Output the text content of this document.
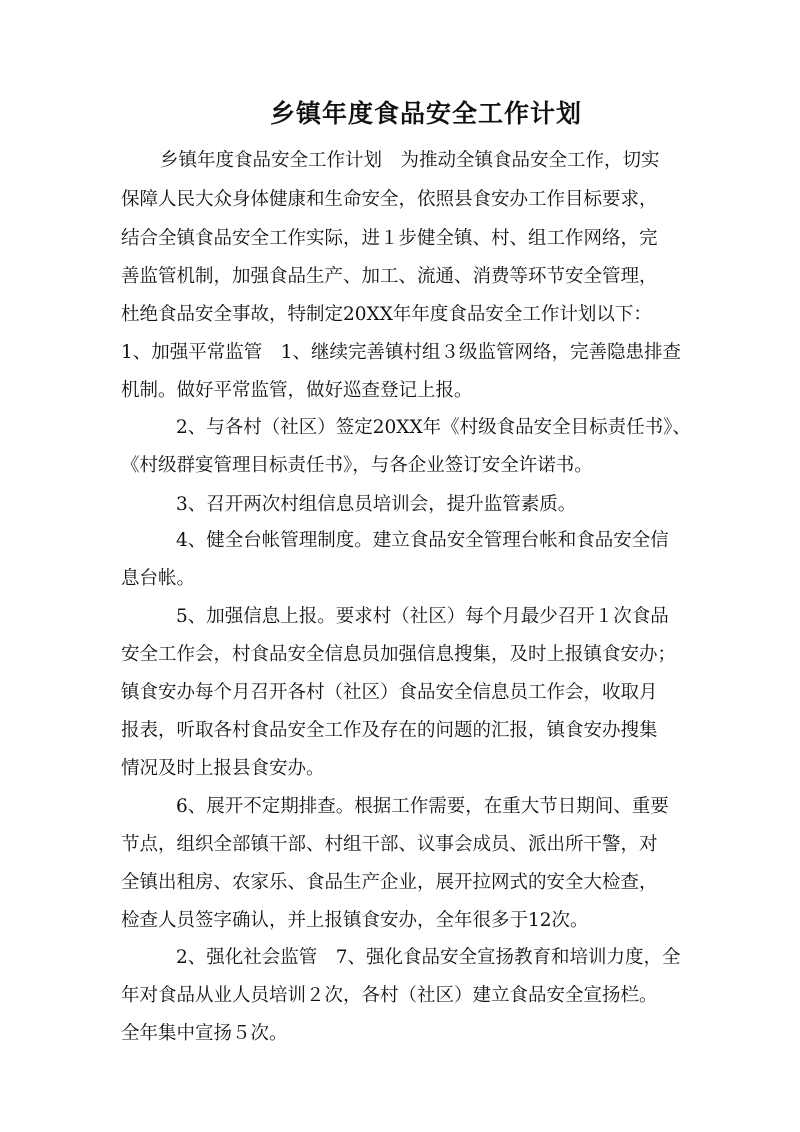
乡镇年度食品安全工作计划
乡镇年度食品安全工作计划　为推动全镇食品安全工作，切实
保障人民大众身体健康和生命安全，依照县食安办工作目标要求，
结合全镇食品安全工作实际，进１步健全镇、村、组工作网络，完
善监管机制，加强食品生产、加工、流通、消费等环节安全管理，
杜绝食品安全事故，特制定20XX年年度食品安全工作计划以下：
1、加强平常监管　1、继续完善镇村组３级监管网络，完善隐患排查
机制。做好平常监管，做好巡查登记上报。
2、与各村（社区）签定20XX年《村级食品安全目标责任书》、
《村级群宴管理目标责任书》，与各企业签订安全许诺书。
3、召开两次村组信息员培训会，提升监管素质。
4、健全台帐管理制度。建立食品安全管理台帐和食品安全信
息台帐。
5、加强信息上报。要求村（社区）每个月最少召开１次食品
安全工作会，村食品安全信息员加强信息搜集，及时上报镇食安办；
镇食安办每个月召开各村（社区）食品安全信息员工作会，收取月
报表，听取各村食品安全工作及存在的问题的汇报，镇食安办搜集
情况及时上报县食安办。
6、展开不定期排查。根据工作需要，在重大节日期间、重要
节点，组织全部镇干部、村组干部、议事会成员、派出所干警，对
全镇出租房、农家乐、食品生产企业，展开拉网式的安全大检查，
检查人员签字确认，并上报镇食安办，全年很多于12次。
2、强化社会监管　7、强化食品安全宣扬教育和培训力度，全
年对食品从业人员培训２次，各村（社区）建立食品安全宣扬栏。
全年集中宣扬５次。
